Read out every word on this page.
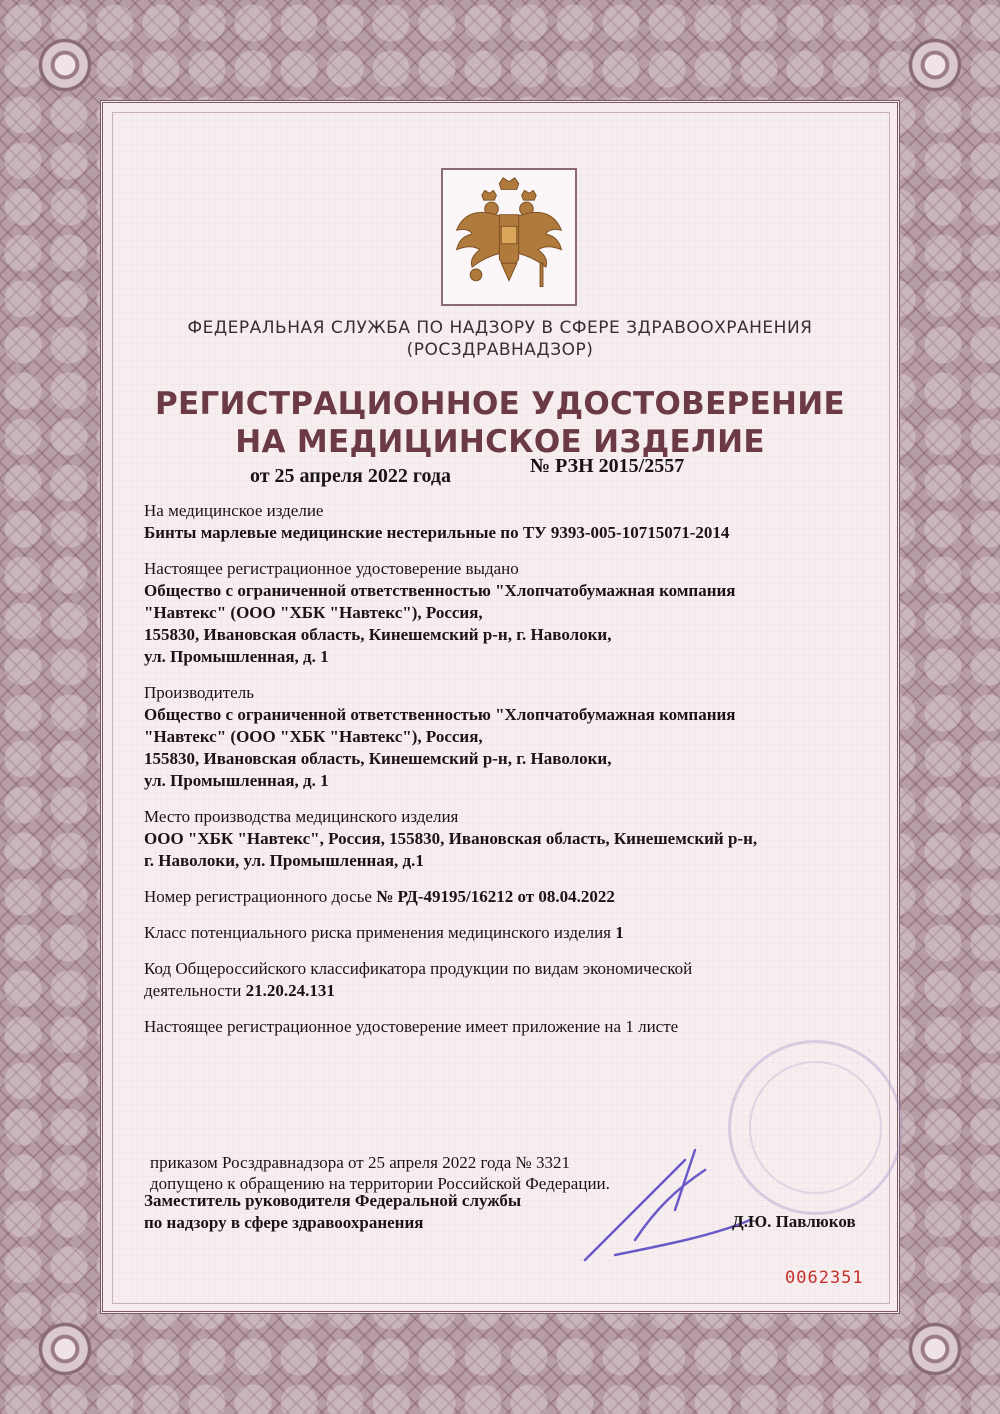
ФЕДЕРАЛЬНАЯ СЛУЖБА ПО НАДЗОРУ В СФЕРЕ ЗДРАВООХРАНЕНИЯ
(РОСЗДРАВНАДЗОР)
РЕГИСТРАЦИОННОЕ УДОСТОВЕРЕНИЕ
НА МЕДИЦИНСКОЕ ИЗДЕЛИЕ
от 25 апреля 2022 года	№ РЗН 2015/2557
На медицинское изделие
Бинты марлевые медицинские нестерильные по ТУ 9393-005-10715071-2014
Настоящее регистрационное удостоверение выдано
Общество с ограниченной ответственностью "Хлопчатобумажная компания
"Навтекс" (ООО "ХБК "Навтекс"), Россия,
155830, Ивановская область, Кинешемский р-н, г. Наволоки,
ул. Промышленная, д. 1
Производитель
Общество с ограниченной ответственностью "Хлопчатобумажная компания
"Навтекс" (ООО "ХБК "Навтекс"), Россия,
155830, Ивановская область, Кинешемский р-н, г. Наволоки,
ул. Промышленная, д. 1
Место производства медицинского изделия
ООО "ХБК "Навтекс", Россия, 155830, Ивановская область, Кинешемский р-н,
г. Наволоки, ул. Промышленная, д.1
Номер регистрационного досье № РД-49195/16212 от 08.04.2022
Класс потенциального риска применения медицинского изделия 1
Код Общероссийского классификатора продукции по видам экономической
деятельности 21.20.24.131
Настоящее регистрационное удостоверение имеет приложение на 1 листе
приказом Росздравнадзора от 25 апреля 2022 года № 3321
допущено к обращению на территории Российской Федерации.
Заместитель руководителя Федеральной службы
по надзору в сфере здравоохранения	Д.Ю. Павлюков
0062351
